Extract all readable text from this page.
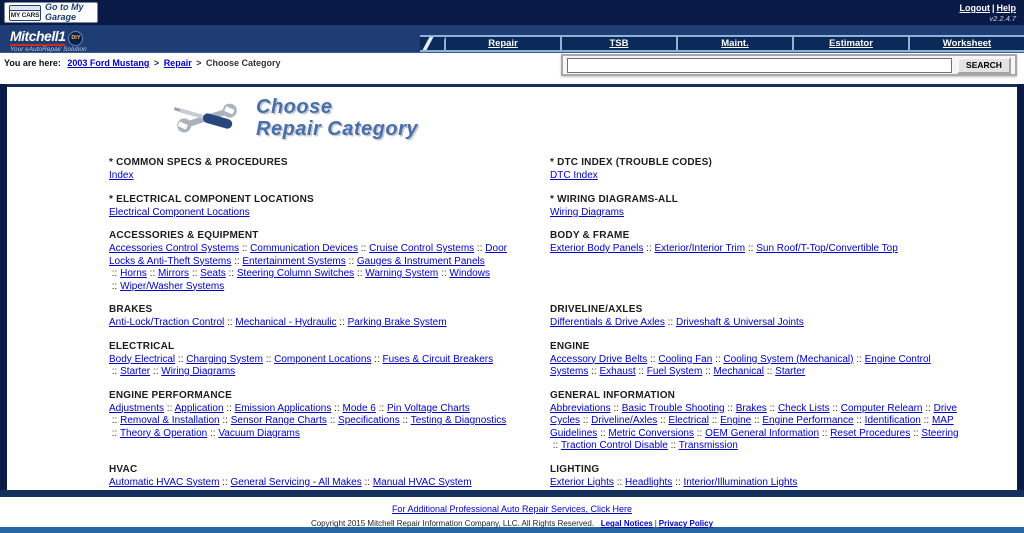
MY CARS
Go to My Garage
Logout | Help
v2.2.4.7
Mitchell1 DIY
Your eAutoRepair Solution
Repair	TSB	Maint.	Estimator	Worksheet
You are here: 2003 Ford Mustang > Repair > Choose Category	SEARCH
Choose
Repair Category
* COMMON SPECS & PROCEDURES
Index
* DTC INDEX (TROUBLE CODES)
DTC Index
* ELECTRICAL COMPONENT LOCATIONS
Electrical Component Locations
* WIRING DIAGRAMS-ALL
Wiring Diagrams
ACCESSORIES & EQUIPMENT
Accessories Control Systems :: Communication Devices :: Cruise Control Systems :: Door Locks & Anti-Theft Systems :: Entertainment Systems :: Gauges & Instrument Panels :: Horns :: Mirrors :: Seats :: Steering Column Switches :: Warning System :: Windows :: Wiper/Washer Systems
BODY & FRAME
Exterior Body Panels :: Exterior/Interior Trim :: Sun Roof/T-Top/Convertible Top
BRAKES
Anti-Lock/Traction Control :: Mechanical - Hydraulic :: Parking Brake System
DRIVELINE/AXLES
Differentials & Drive Axles :: Driveshaft & Universal Joints
ELECTRICAL
Body Electrical :: Charging System :: Component Locations :: Fuses & Circuit Breakers :: Starter :: Wiring Diagrams
ENGINE
Accessory Drive Belts :: Cooling Fan :: Cooling System (Mechanical) :: Engine Control Systems :: Exhaust :: Fuel System :: Mechanical :: Starter
ENGINE PERFORMANCE
Adjustments :: Application :: Emission Applications :: Mode 6 :: Pin Voltage Charts :: Removal & Installation :: Sensor Range Charts :: Specifications :: Testing & Diagnostics :: Theory & Operation :: Vacuum Diagrams
GENERAL INFORMATION
Abbreviations :: Basic Trouble Shooting :: Brakes :: Check Lists :: Computer Relearn :: Drive Cycles :: Driveline/Axles :: Electrical :: Engine :: Engine Performance :: Identification :: MAP Guidelines :: Metric Conversions :: OEM General Information :: Reset Procedures :: Steering :: Traction Control Disable :: Transmission
HVAC
Automatic HVAC System :: General Servicing - All Makes :: Manual HVAC System
LIGHTING
Exterior Lights :: Headlights :: Interior/Illumination Lights
For Additional Professional Auto Repair Services, Click Here
Copyright 2015 Mitchell Repair Information Company, LLC. All Rights Reserved. Legal Notices | Privacy Policy
